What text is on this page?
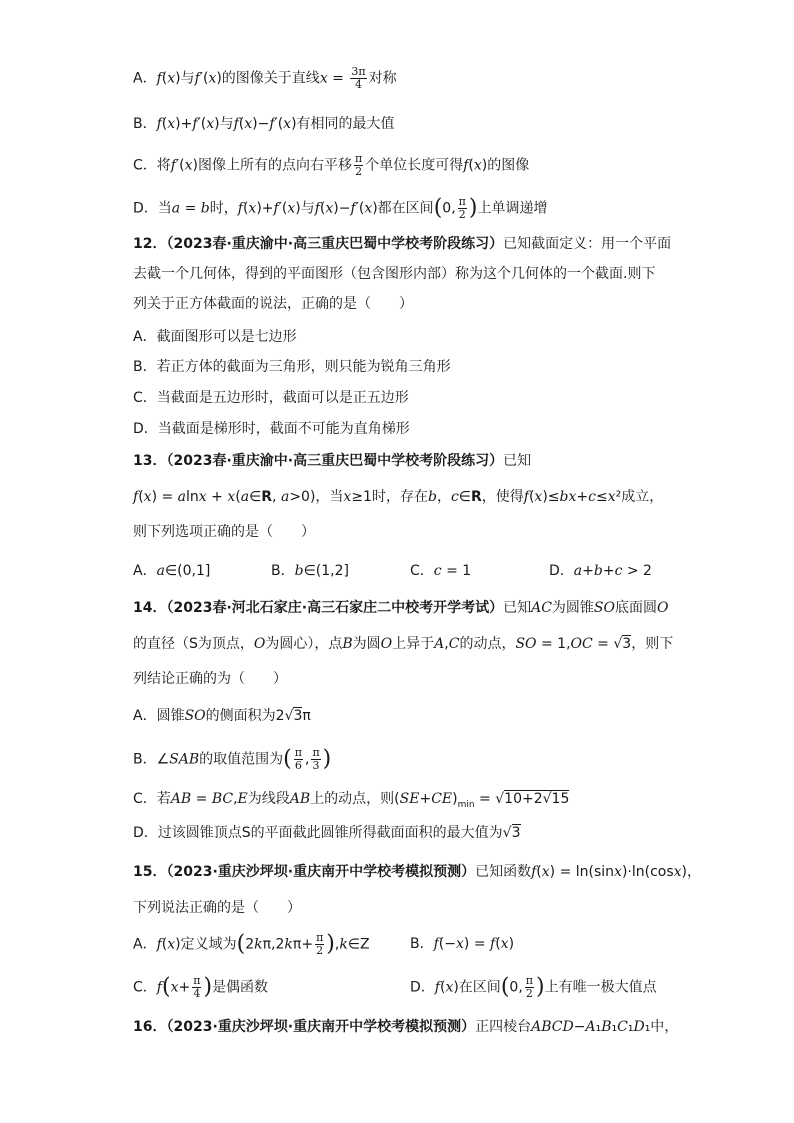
A．f(x)与f′(x)的图像关于直线$x = \frac{3\pi}{4}$ 对称
B．f(x)+f′(x)与f(x)−f′(x)有相同的最大值
C．将f′(x)图像上所有的点向右平移 $\frac{\pi}{2}$ 个单位长度可得f(x)的图像
D．当a = b时，f(x)+f′(x)与f(x)−f′(x)都在区间(0, $\frac{\pi}{2}$ )上单调递增
12．（2023春·重庆渝中·高三重庆巴蜀中学校考阶段练习）已知截面定义：用一个平面
去截一个几何体，得到的平面图形（包含图形内部）称为这个几何体的一个截面.则下
列关于正方体截面的说法，正确的是（　　）
A．截面图形可以是七边形
B．若正方体的截面为三角形，则只能为锐角三角形
C．当截面是五边形时，截面可以是正五边形
D．当截面是梯形时，截面不可能为直角梯形
13．（2023春·重庆渝中·高三重庆巴蜀中学校考阶段练习）已知
f(x) = alnx + x(a∈R, a>0)，当x≥1时，存在b，c∈R，使得f(x)≤bx+c≤x²成立，
则下列选项正确的是（　　）
A．a∈(0,1]	B．b∈(1,2]	C．c = 1	D．a+b+c > 2
14．（2023春·河北石家庄·高三石家庄二中校考开学考试）已知AC为圆锥SO底面圆O
的直径（S为顶点，O为圆心），点B为圆O上异于A,C的动点，SO = 1,OC = √3，则下
列结论正确的为（　　）
A．圆锥SO的侧面积为2√3π
B．∠SAB的取值范围为( $\frac{\pi}{6}$ , $\frac{\pi}{3}$ )
C．若AB = BC,E为线段AB上的动点，则$(SE+CE)_{min} = √10+2√15$
D．过该圆锥顶点S的平面截此圆锥所得截面面积的最大值为√3
15．（2023·重庆沙坪坝·重庆南开中学校考模拟预测）已知函数f(x) = ln(sinx)·ln(cosx)，
下列说法正确的是（　　）
A．f(x)定义域为($2k\pi,2k\pi+ \frac{\pi}{2}$ ),k∈Z	B．f(−x) = f(x)
C．$f(x+ \frac{\pi}{4}$ )是偶函数	D．f(x)在区间(0, $\frac{\pi}{2}$ )上有唯一极大值点
16．（2023·重庆沙坪坝·重庆南开中学校考模拟预测）正四棱台ABCD−A₁B₁C₁D₁中，
